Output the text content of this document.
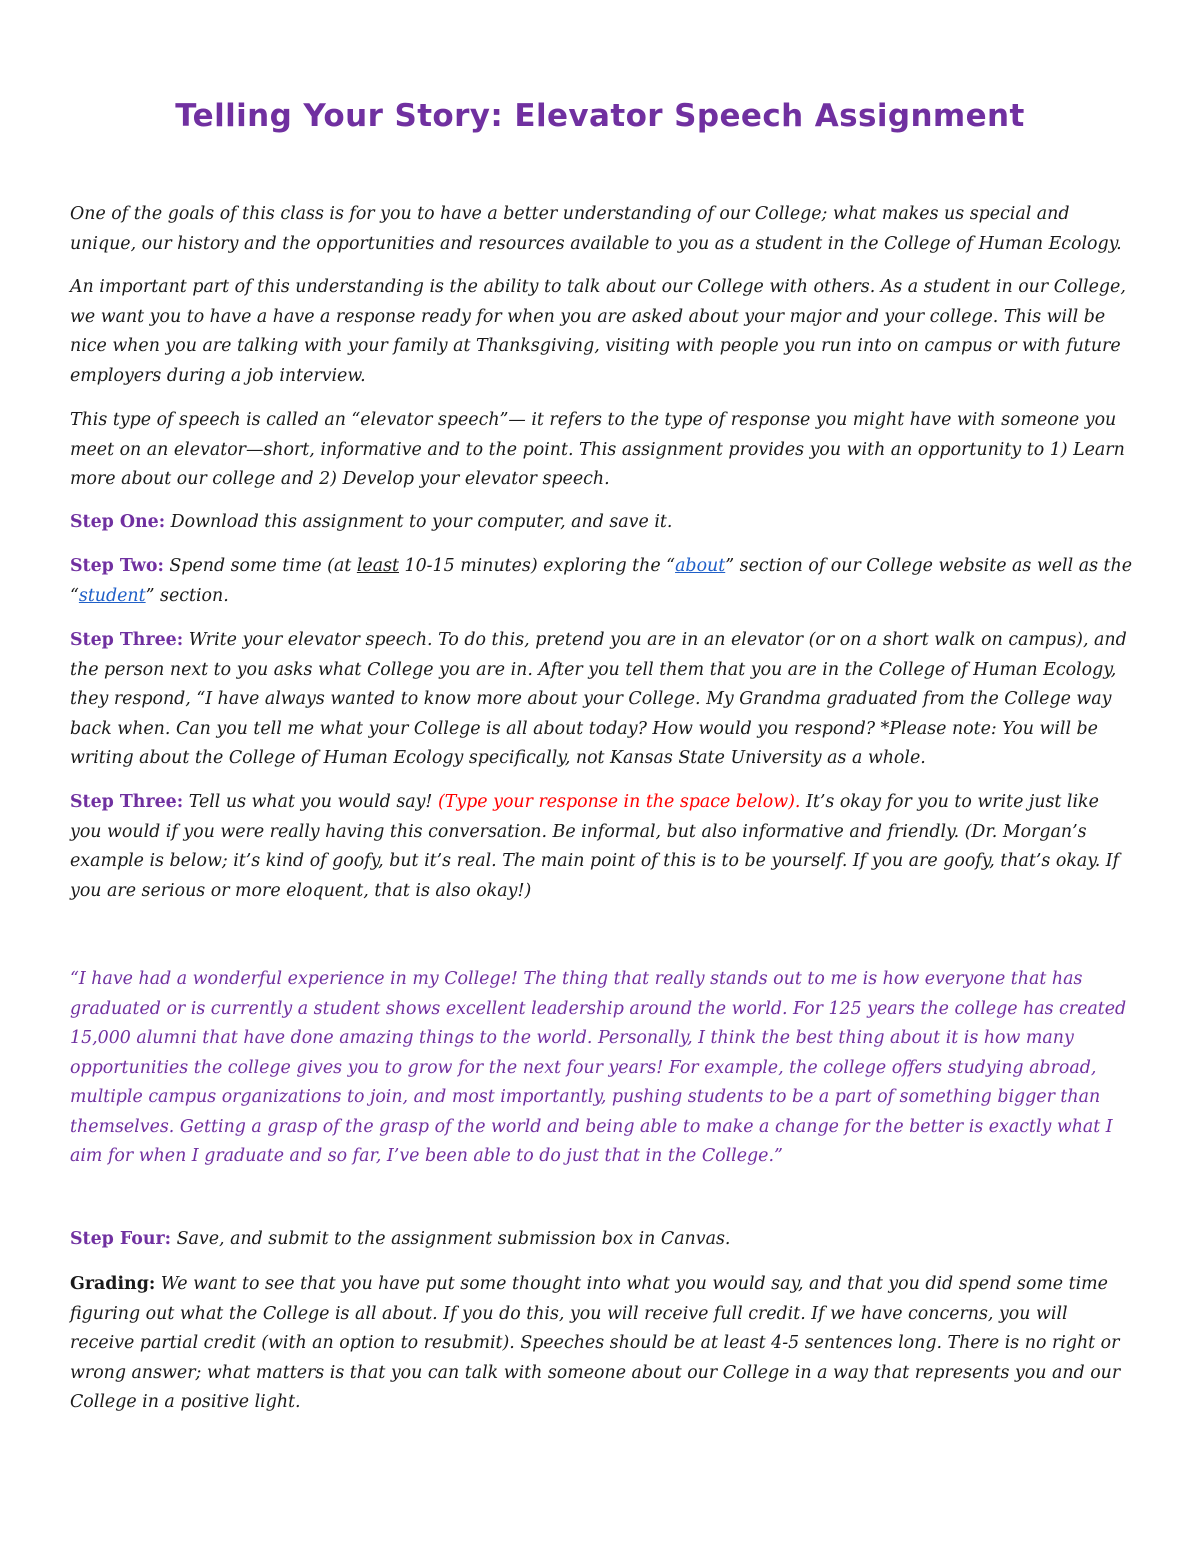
Telling Your Story: Elevator Speech Assignment

One of the goals of this class is for you to have a better understanding of our College; what makes us special and unique, our history and the opportunities and resources available to you as a student in the College of Human Ecology.

An important part of this understanding is the ability to talk about our College with others. As a student in our College, we want you to have a have a response ready for when you are asked about your major and your college. This will be nice when you are talking with your family at Thanksgiving, visiting with people you run into on campus or with future employers during a job interview.

This type of speech is called an “elevator speech”— it refers to the type of response you might have with someone you meet on an elevator—short, informative and to the point. This assignment provides you with an opportunity to 1) Learn more about our college and 2) Develop your elevator speech.

Step One: Download this assignment to your computer, and save it.

Step Two: Spend some time (at least 10-15 minutes) exploring the “about” section of our College website as well as the “student” section.

Step Three: Write your elevator speech. To do this, pretend you are in an elevator (or on a short walk on campus), and the person next to you asks what College you are in. After you tell them that you are in the College of Human Ecology, they respond, “I have always wanted to know more about your College. My Grandma graduated from the College way back when. Can you tell me what your College is all about today? How would you respond? *Please note: You will be writing about the College of Human Ecology specifically, not Kansas State University as a whole.

Step Three: Tell us what you would say! (Type your response in the space below). It’s okay for you to write just like you would if you were really having this conversation. Be informal, but also informative and friendly. (Dr. Morgan’s example is below; it’s kind of goofy, but it’s real. The main point of this is to be yourself. If you are goofy, that’s okay. If you are serious or more eloquent, that is also okay!)

“I have had a wonderful experience in my College! The thing that really stands out to me is how everyone that has graduated or is currently a student shows excellent leadership around the world. For 125 years the college has created 15,000 alumni that have done amazing things to the world. Personally, I think the best thing about it is how many opportunities the college gives you to grow for the next four years! For example, the college offers studying abroad, multiple campus organizations to join, and most importantly, pushing students to be a part of something bigger than themselves. Getting a grasp of the grasp of the world and being able to make a change for the better is exactly what I aim for when I graduate and so far, I’ve been able to do just that in the College.”

Step Four: Save, and submit to the assignment submission box in Canvas.

Grading: We want to see that you have put some thought into what you would say, and that you did spend some time figuring out what the College is all about. If you do this, you will receive full credit. If we have concerns, you will receive partial credit (with an option to resubmit). Speeches should be at least 4-5 sentences long. There is no right or wrong answer; what matters is that you can talk with someone about our College in a way that represents you and our College in a positive light.
